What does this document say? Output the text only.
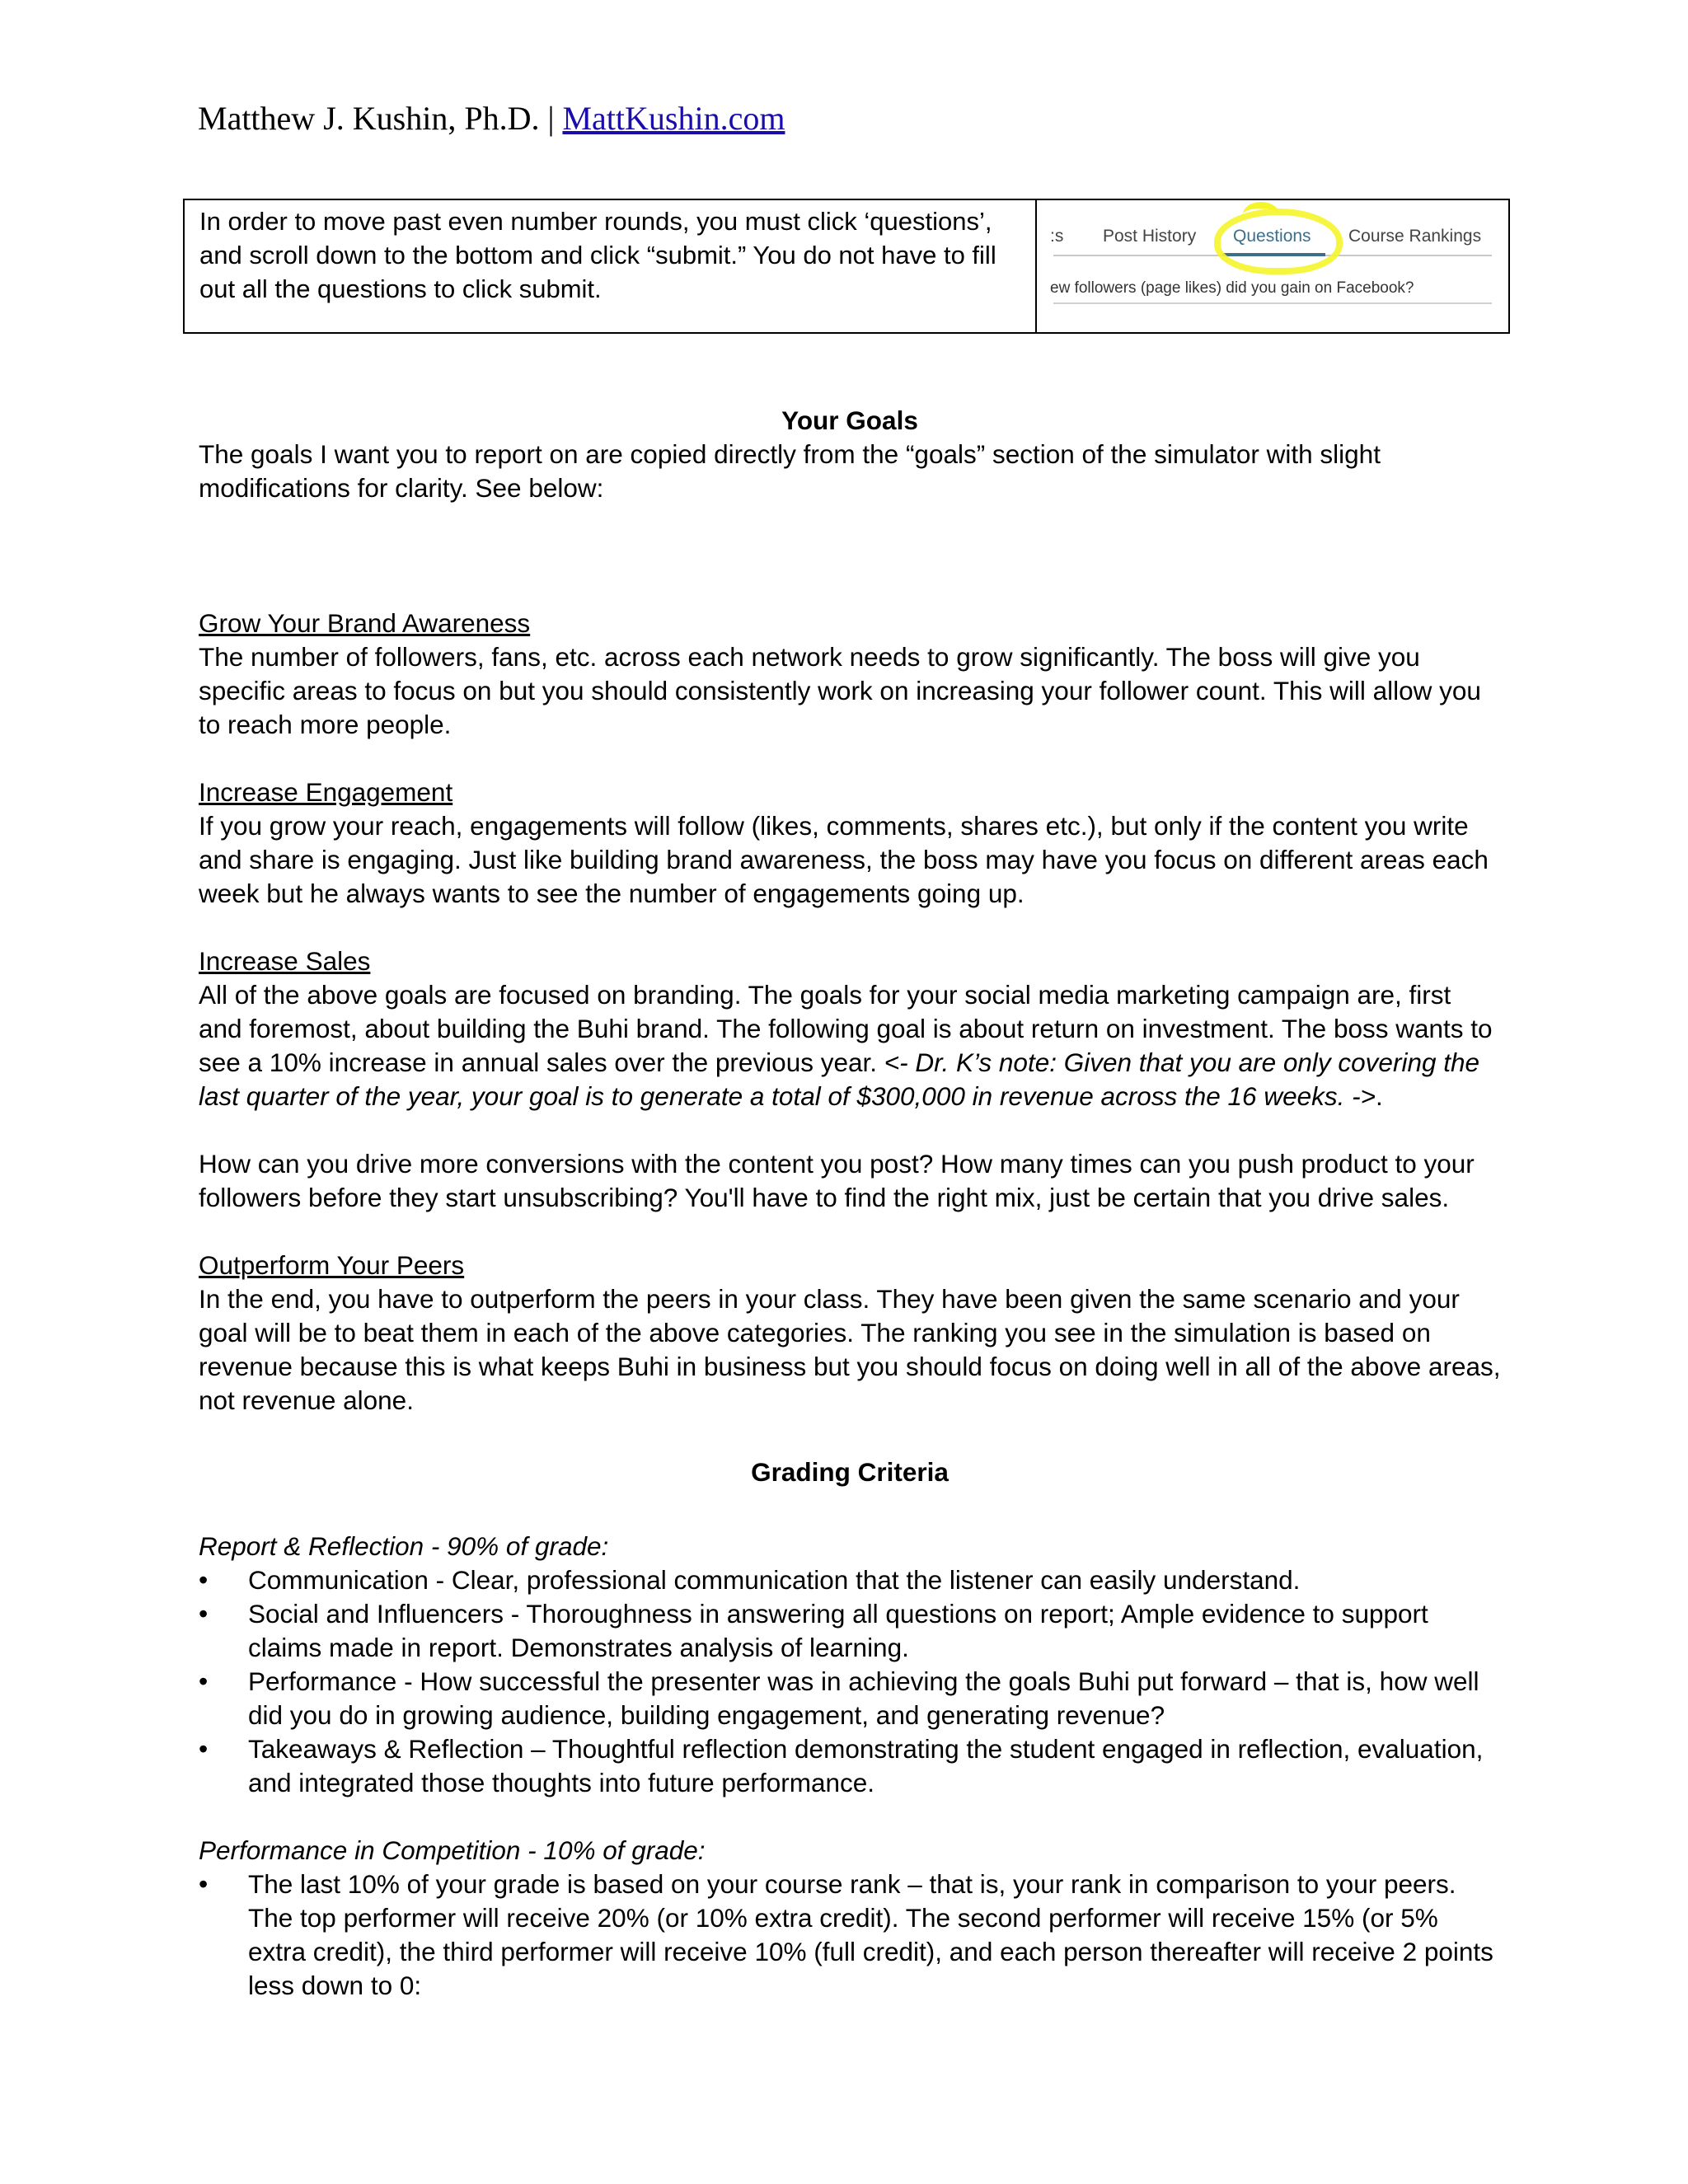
Matthew J. Kushin, Ph.D. | MattKushin.com
In order to move past even number rounds, you must click ‘questions’, and scroll down to the bottom and click “submit.” You do not have to fill out all the questions to click submit.
:s Post History Questions Course Rankings
ew followers (page likes) did you gain on Facebook?

Your Goals

The goals I want you to report on are copied directly from the “goals” section of the simulator with slight modifications for clarity. See below:

Grow Your Brand Awareness

The number of followers, fans, etc. across each network needs to grow significantly. The boss will give you specific areas to focus on but you should consistently work on increasing your follower count. This will allow you to reach more people.

Increase Engagement

If you grow your reach, engagements will follow (likes, comments, shares etc.), but only if the content you write and share is engaging. Just like building brand awareness, the boss may have you focus on different areas each week but he always wants to see the number of engagements going up.

Increase Sales

All of the above goals are focused on branding. The goals for your social media marketing campaign are, first and foremost, about building the Buhi brand. The following goal is about return on investment. The boss wants to see a 10% increase in annual sales over the previous year. <- Dr. K’s note: Given that you are only covering the last quarter of the year, your goal is to generate a total of $300,000 in revenue across the 16 weeks. ->.

How can you drive more conversions with the content you post? How many times can you push product to your followers before they start unsubscribing? You'll have to find the right mix, just be certain that you drive sales.

Outperform Your Peers

In the end, you have to outperform the peers in your class. They have been given the same scenario and your goal will be to beat them in each of the above categories. The ranking you see in the simulation is based on revenue because this is what keeps Buhi in business but you should focus on doing well in all of the above areas, not revenue alone.

Grading Criteria

Report & Reflection - 90% of grade:

• Communication - Clear, professional communication that the listener can easily understand.
• Social and Influencers - Thoroughness in answering all questions on report; Ample evidence to support claims made in report. Demonstrates analysis of learning.
• Performance - How successful the presenter was in achieving the goals Buhi put forward – that is, how well did you do in growing audience, building engagement, and generating revenue?
• Takeaways & Reflection – Thoughtful reflection demonstrating the student engaged in reflection, evaluation, and integrated those thoughts into future performance.

Performance in Competition - 10% of grade:

• The last 10% of your grade is based on your course rank – that is, your rank in comparison to your peers. The top performer will receive 20% (or 10% extra credit). The second performer will receive 15% (or 5% extra credit), the third performer will receive 10% (full credit), and each person thereafter will receive 2 points less down to 0:
